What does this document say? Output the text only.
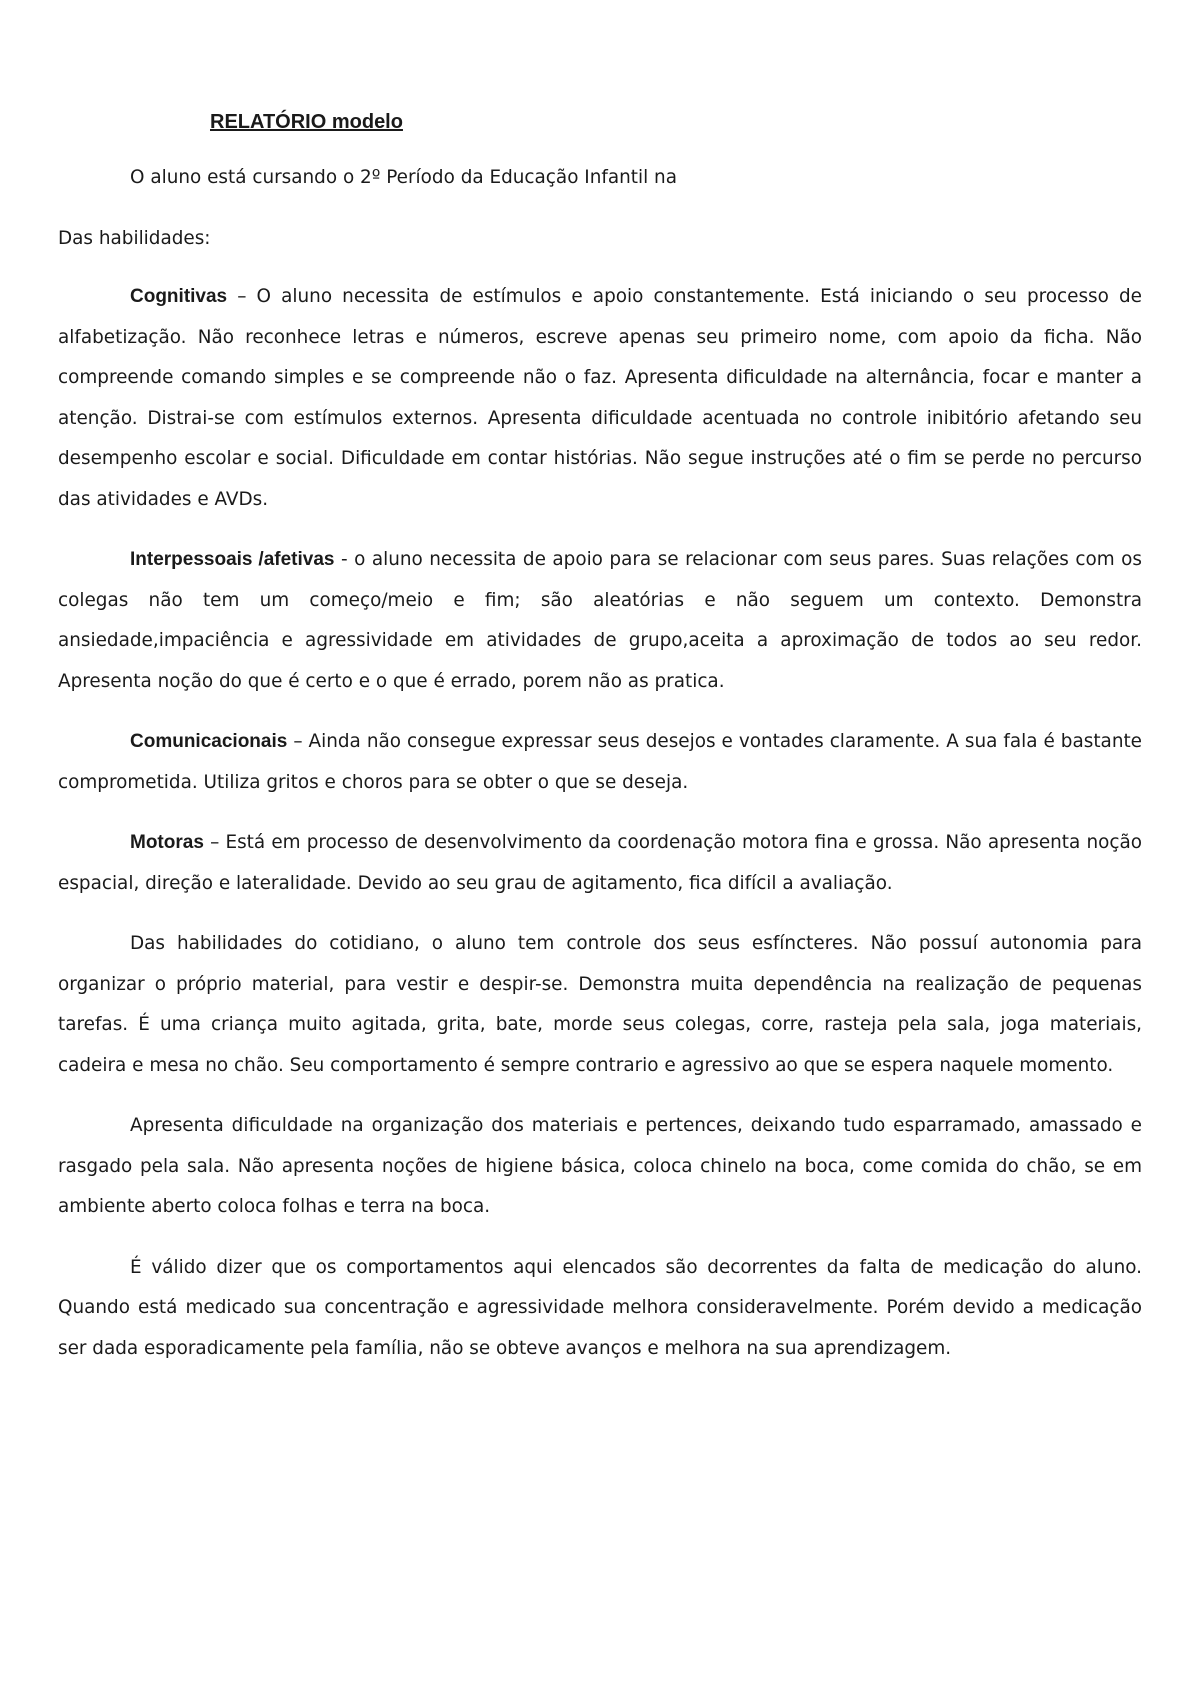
RELATÓRIO modelo
O aluno está cursando o 2º Período da Educação Infantil na
Das habilidades:

Cognitivas – O aluno necessita de estímulos e apoio constantemente. Está iniciando o seu processo de alfabetização. Não reconhece letras e números, escreve apenas seu primeiro nome, com apoio da ficha. Não compreende comando simples e se compreende não o faz. Apresenta dificuldade na alternância, focar e manter a atenção. Distrai-se com estímulos externos. Apresenta dificuldade acentuada no controle inibitório afetando seu desempenho escolar e social. Dificuldade em contar histórias. Não segue instruções até o fim se perde no percurso das atividades e AVDs.

Interpessoais /afetivas - o aluno necessita de apoio para se relacionar com seus pares. Suas relações com os colegas não tem um começo/meio e fim; são aleatórias e não seguem um contexto. Demonstra ansiedade,impaciência e agressividade em atividades de grupo,aceita a aproximação de todos ao seu redor. Apresenta noção do que é certo e o que é errado, porem não as pratica.

Comunicacionais – Ainda não consegue expressar seus desejos e vontades claramente. A sua fala é bastante comprometida. Utiliza gritos e choros para se obter o que se deseja.

Motoras – Está em processo de desenvolvimento da coordenação motora fina e grossa. Não apresenta noção espacial, direção e lateralidade. Devido ao seu grau de agitamento, fica difícil a avaliação.

Das habilidades do cotidiano, o aluno tem controle dos seus esfíncteres. Não possuí autonomia para organizar o próprio material, para vestir e despir-se. Demonstra muita dependência na realização de pequenas tarefas. É uma criança muito agitada, grita, bate, morde seus colegas, corre, rasteja pela sala, joga materiais, cadeira e mesa no chão. Seu comportamento é sempre contrario e agressivo ao que se espera naquele momento.

Apresenta dificuldade na organização dos materiais e pertences, deixando tudo esparramado, amassado e rasgado pela sala. Não apresenta noções de higiene básica, coloca chinelo na boca, come comida do chão, se em ambiente aberto coloca folhas e terra na boca.

É válido dizer que os comportamentos aqui elencados são decorrentes da falta de medicação do aluno. Quando está medicado sua concentração e agressividade melhora consideravelmente. Porém devido a medicação ser dada esporadicamente pela família, não se obteve avanços e melhora na sua aprendizagem.
